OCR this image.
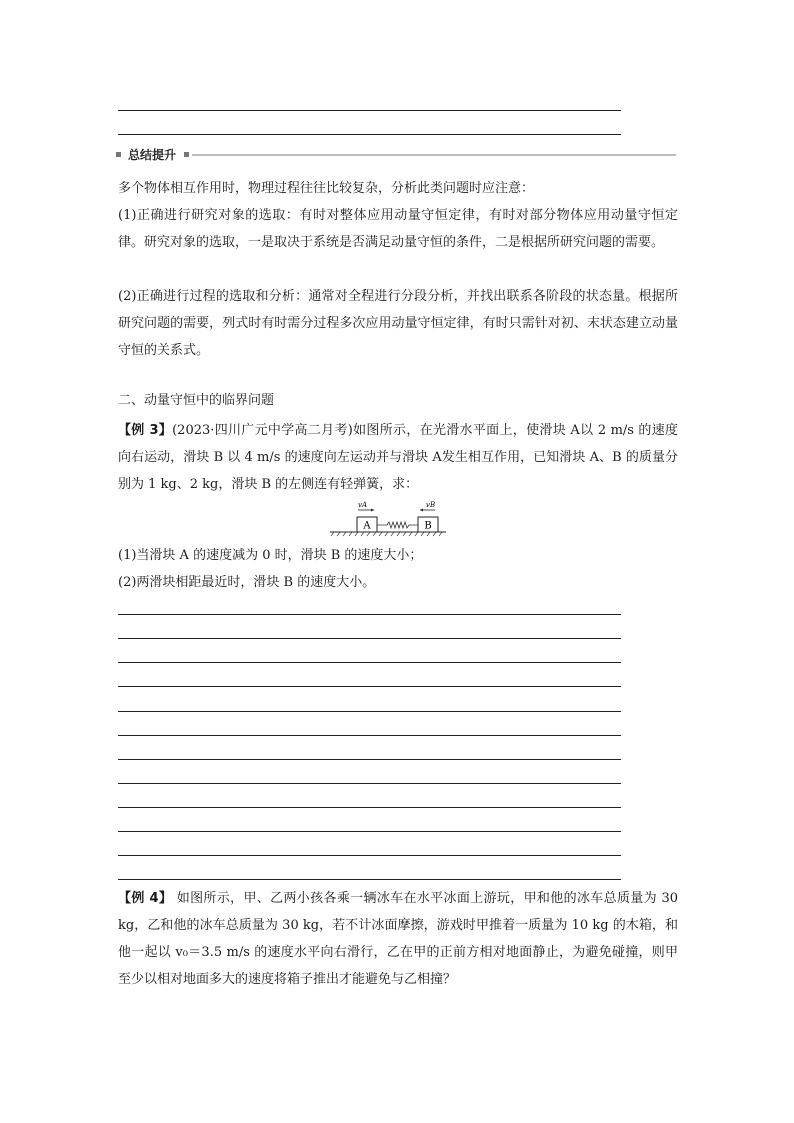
总结提升

多个物体相互作用时，物理过程往往比较复杂，分析此类问题时应注意：

(1)正确进行研究对象的选取：有时对整体应用动量守恒定律，有时对部分物体应用动量守恒定律。研究对象的选取，一是取决于系统是否满足动量守恒的条件，二是根据所研究问题的需要。

(2)正确进行过程的选取和分析：通常对全程进行分段分析，并找出联系各阶段的状态量。根据所研究问题的需要，列式时有时需分过程多次应用动量守恒定律，有时只需针对初、末状态建立动量守恒的关系式。

二、动量守恒中的临界问题

【例 3】(2023·四川广元中学高二月考)如图所示，在光滑水平面上，使滑块 A以 2 m/s 的速度向右运动，滑块 B 以 4 m/s 的速度向左运动并与滑块 A发生相互作用，已知滑块 A、B 的质量分别为 1 kg、2 kg，滑块 B 的左侧连有轻弹簧，求：

A	B
vA	vB

(1)当滑块 A 的速度减为 0 时，滑块 B 的速度大小；

(2)两滑块相距最近时，滑块 B 的速度大小。

【例 4】 如图所示，甲、乙两小孩各乘一辆冰车在水平冰面上游玩，甲和他的冰车总质量为 30 kg，乙和他的冰车总质量为 30 kg，若不计冰面摩擦，游戏时甲推着一质量为 10 kg 的木箱，和他一起以 v₀＝3.5 m/s 的速度水平向右滑行，乙在甲的正前方相对地面静止，为避免碰撞，则甲至少以相对地面多大的速度将箱子推出才能避免与乙相撞？
